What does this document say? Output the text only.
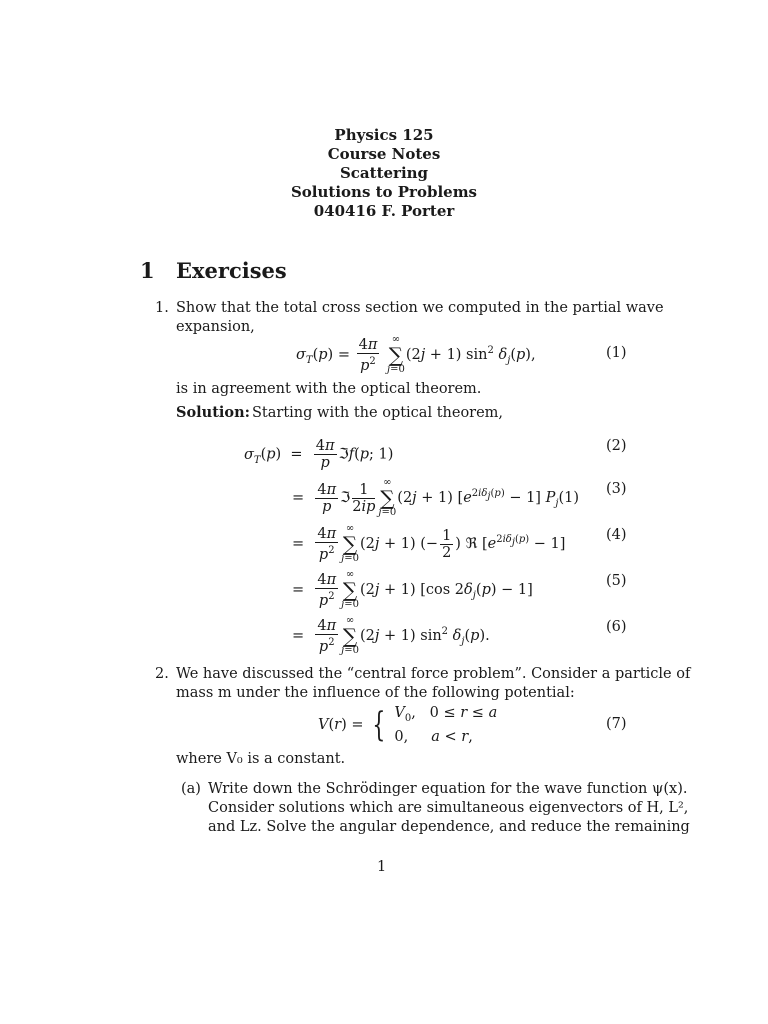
Physics 125
Course Notes
Scattering
Solutions to Problems
040416 F. Porter
1 Exercises
1. Show that the total cross section we computed in the partial wave
expansion,
$\sigma_T(p) = \frac{4\pi}{p^2}$ ∞
∑
j=0(2j + 1) $\sin^2 \delta_j(p)$,	(1)
is in agreement with the optical theorem.
Solution: Starting with the optical theorem,
$\sigma_T(p) = \frac{4\pi}{p}$ ℑf(p; 1)
(2)
= $\frac{4\pi}{p}$ ℑ $\frac{1}{2ip}$ ∞
∑
j=0(2j + 1) $[e^{2i\delta_j(p)} - 1]$ $P_j(1)$
(3)
= $\frac{4\pi}{p^2}$ ∞
∑
j=0(2j + 1) (− $\frac{1}{2}$ ) ℜ $[e^{2i\delta_j(p)} - 1]$
(4)
= $\frac{4\pi}{p^2}$ ∞
∑
j=0(2j + 1) [cos $2\delta_j(p) - 1$]
(5)
= $\frac{4\pi}{p^2}$ ∞
∑
j=0(2j + 1) $\sin^2 \delta_j(p)$.
(6)
2. We have discussed the “central force problem”. Consider a particle of
mass m under the influence of the following potential:
V(r) = { $V_0$,   0 ≤ r ≤ a
0,     a < r,
(7)
where V₀ is a constant.
(a) Write down the Schrödinger equation for the wave function ψ(x).
Consider solutions which are simultaneous eigenvectors of H, L²,
and Lz. Solve the angular dependence, and reduce the remaining
1
